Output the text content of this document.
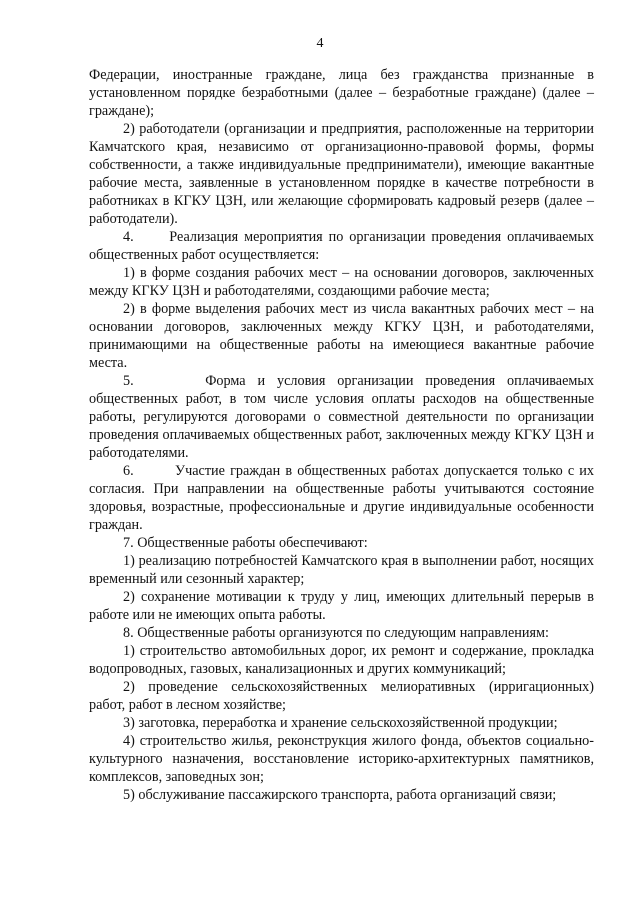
4

Федерации, иностранные граждане, лица без гражданства признанные в установленном порядке безработными (далее – безработные граждане) (далее – граждане);

2) работодатели (организации и предприятия, расположенные на территории Камчатского края, независимо от организационно-правовой формы, формы собственности, а также индивидуальные предприниматели), имеющие вакантные рабочие места, заявленные в установленном порядке в качестве потребности в работниках в КГКУ ЦЗН, или желающие сформировать кадровый резерв (далее – работодатели).

4.      Реализация мероприятия по организации проведения оплачиваемых общественных работ осуществляется:

1) в форме создания рабочих мест – на основании договоров, заключенных между КГКУ ЦЗН и работодателями, создающими рабочие места;

2) в форме выделения рабочих мест из числа вакантных рабочих мест – на основании договоров, заключенных между КГКУ ЦЗН, и работодателями, принимающими на общественные работы на имеющиеся вакантные рабочие места.

5.      Форма и условия организации проведения оплачиваемых общественных работ, в том числе условия оплаты расходов на общественные работы, регулируются договорами о совместной деятельности по организации проведения оплачиваемых общественных работ, заключенных между КГКУ ЦЗН и работодателями.

6.        Участие граждан в общественных работах допускается только с их согласия. При направлении на общественные работы учитываются состояние здоровья, возрастные, профессиональные и другие индивидуальные особенности граждан.

7. Общественные работы обеспечивают:

1) реализацию потребностей Камчатского края в выполнении работ, носящих временный или сезонный характер;

2) сохранение мотивации к труду у лиц, имеющих длительный перерыв в работе или не имеющих опыта работы.

8. Общественные работы организуются по следующим направлениям:

1) строительство автомобильных дорог, их ремонт и содержание, прокладка водопроводных, газовых, канализационных и других коммуникаций;

2) проведение сельскохозяйственных мелиоративных (ирригационных) работ, работ в лесном хозяйстве;

3) заготовка, переработка и хранение сельскохозяйственной продукции;

4) строительство жилья, реконструкция жилого фонда, объектов социально-культурного назначения, восстановление историко-архитектурных памятников, комплексов, заповедных зон;

5) обслуживание пассажирского транспорта, работа организаций связи;
